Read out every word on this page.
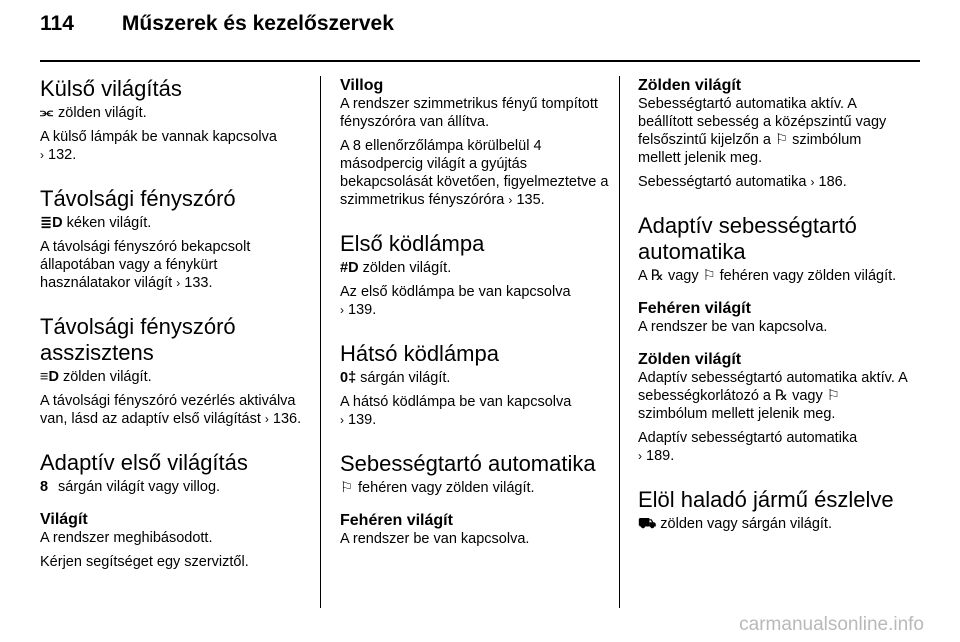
114 Műszerek és kezelőszervek
Külső világítás

⫘ zölden világít.

A külső lámpák be vannak kapcsolva
› 132.

Távolsági fényszóró

≣D kéken világít.

A távolsági fényszóró bekapcsolt állapotában vagy a fénykürt használatakor világít › 133.

Távolsági fényszóró asszisztens

≡D zölden világít.

A távolsági fényszóró vezérlés aktiválva van, lásd az adaptív első világítást › 136.

Adaptív első világítás

8 sárgán világít vagy villog.

Világít

A rendszer meghibásodott.

Kérjen segítséget egy szerviztől.

Villog

A rendszer szimmetrikus fényű tompított fényszóróra van állítva.

A 8 ellenőrzőlámpa körülbelül 4 másodpercig világít a gyújtás bekapcsolását követően, figyelmeztetve a szimmetrikus fényszóróra › 135.

Első ködlámpa

#D zölden világít.

Az első ködlámpa be van kapcsolva
› 139.

Hátsó ködlámpa

0‡ sárgán világít.

A hátsó ködlámpa be van kapcsolva
› 139.

Sebességtartó automatika

⚐ fehéren vagy zölden világít.

Fehéren világít

A rendszer be van kapcsolva.

Zölden világít

Sebességtartó automatika aktív. A beállított sebesség a középszintű vagy felsőszintű kijelzőn a ⚐ szimbólum mellett jelenik meg.

Sebességtartó automatika › 186.

Adaptív sebességtartó automatika

A ℞ vagy ⚐ fehéren vagy zölden világít.

Fehéren világít

A rendszer be van kapcsolva.

Zölden világít

Adaptív sebességtartó automatika aktív. A sebességkorlátozó a ℞ vagy ⚐ szimbólum mellett jelenik meg.

Adaptív sebességtartó automatika
› 189.

Elöl haladó jármű észlelve

⛟ zölden vagy sárgán világít.

carmanualsonline.info
